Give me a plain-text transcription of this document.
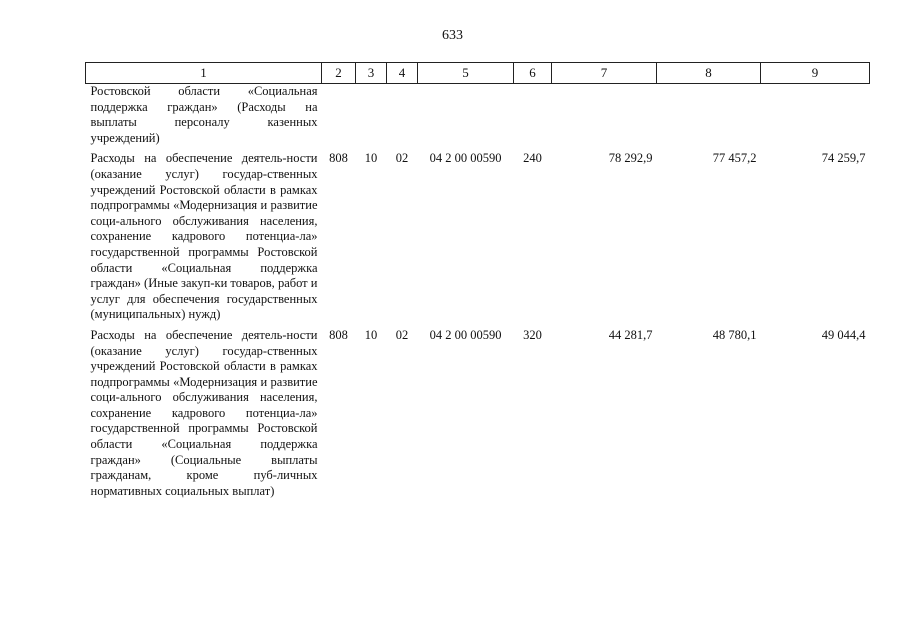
633
1	2	3	4	5	6	7	8	9
Ростовской области «Социальная поддержка граждан» (Расходы на выплаты персоналу казенных учреждений)								
Расходы на обеспечение деятель-ности (оказание услуг) государ-ственных учреждений Ростовской области в рамках подпрограммы «Модернизация и развитие соци-ального обслуживания населения, сохранение кадрового потенциа-ла» государственной программы Ростовской области «Социальная поддержка граждан» (Иные закуп-ки товаров, работ и услуг для обеспечения государственных (муниципальных) нужд)	808	10	02	04 2 00 00590	240	78 292,9	77 457,2	74 259,7
Расходы на обеспечение деятель-ности (оказание услуг) государ-ственных учреждений Ростовской области в рамках подпрограммы «Модернизация и развитие соци-ального обслуживания населения, сохранение кадрового потенциа-ла» государственной программы Ростовской области «Социальная поддержка граждан» (Социальные выплаты гражданам, кроме пуб-личных нормативных социальных выплат)	808	10	02	04 2 00 00590	320	44 281,7	48 780,1	49 044,4
